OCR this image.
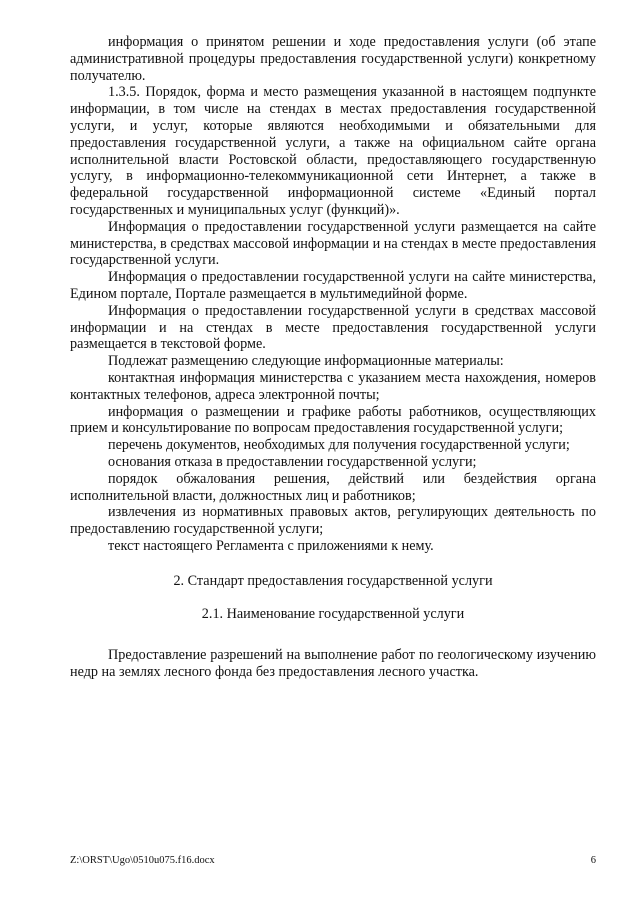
информация о принятом решении и ходе предоставления услуги (об этапе административной процедуры предоставления государственной услуги) конкретному получателю.

1.3.5. Порядок, форма и место размещения указанной в настоящем подпункте информации, в том числе на стендах в местах предоставления государственной услуги, и услуг, которые являются необходимыми и обязательными для предоставления государственной услуги, а также на официальном сайте органа исполнительной власти Ростовской области, предоставляющего государственную услугу, в информационно-телекоммуникационной сети Интернет, а также в федеральной государственной информационной системе «Единый портал государственных и муниципальных услуг (функций)».

Информация о предоставлении государственной услуги размещается на сайте министерства, в средствах массовой информации и на стендах в месте предоставления государственной услуги.

Информация о предоставлении государственной услуги на сайте министерства, Едином портале, Портале размещается в мультимедийной форме.

Информация о предоставлении государственной услуги в средствах массовой информации и на стендах в месте предоставления государственной услуги размещается в текстовой форме.

Подлежат размещению следующие информационные материалы:

контактная информация министерства с указанием места нахождения, номеров контактных телефонов, адреса электронной почты;

информация о размещении и графике работы работников, осуществляющих прием и консультирование по вопросам предоставления государственной услуги;

перечень документов, необходимых для получения государственной услуги;

основания отказа в предоставлении государственной услуги;

порядок обжалования решения, действий или бездействия органа исполнительной власти, должностных лиц и работников;

извлечения из нормативных правовых актов, регулирующих деятельность по предоставлению государственной услуги;

текст настоящего Регламента с приложениями к нему.

2. Стандарт предоставления государственной услуги

2.1. Наименование государственной услуги

Предоставление разрешений на выполнение работ по геологическому изучению недр на землях лесного фонда без предоставления лесного участка.

Z:\ORST\Ugo\0510u075.f16.docx	6
